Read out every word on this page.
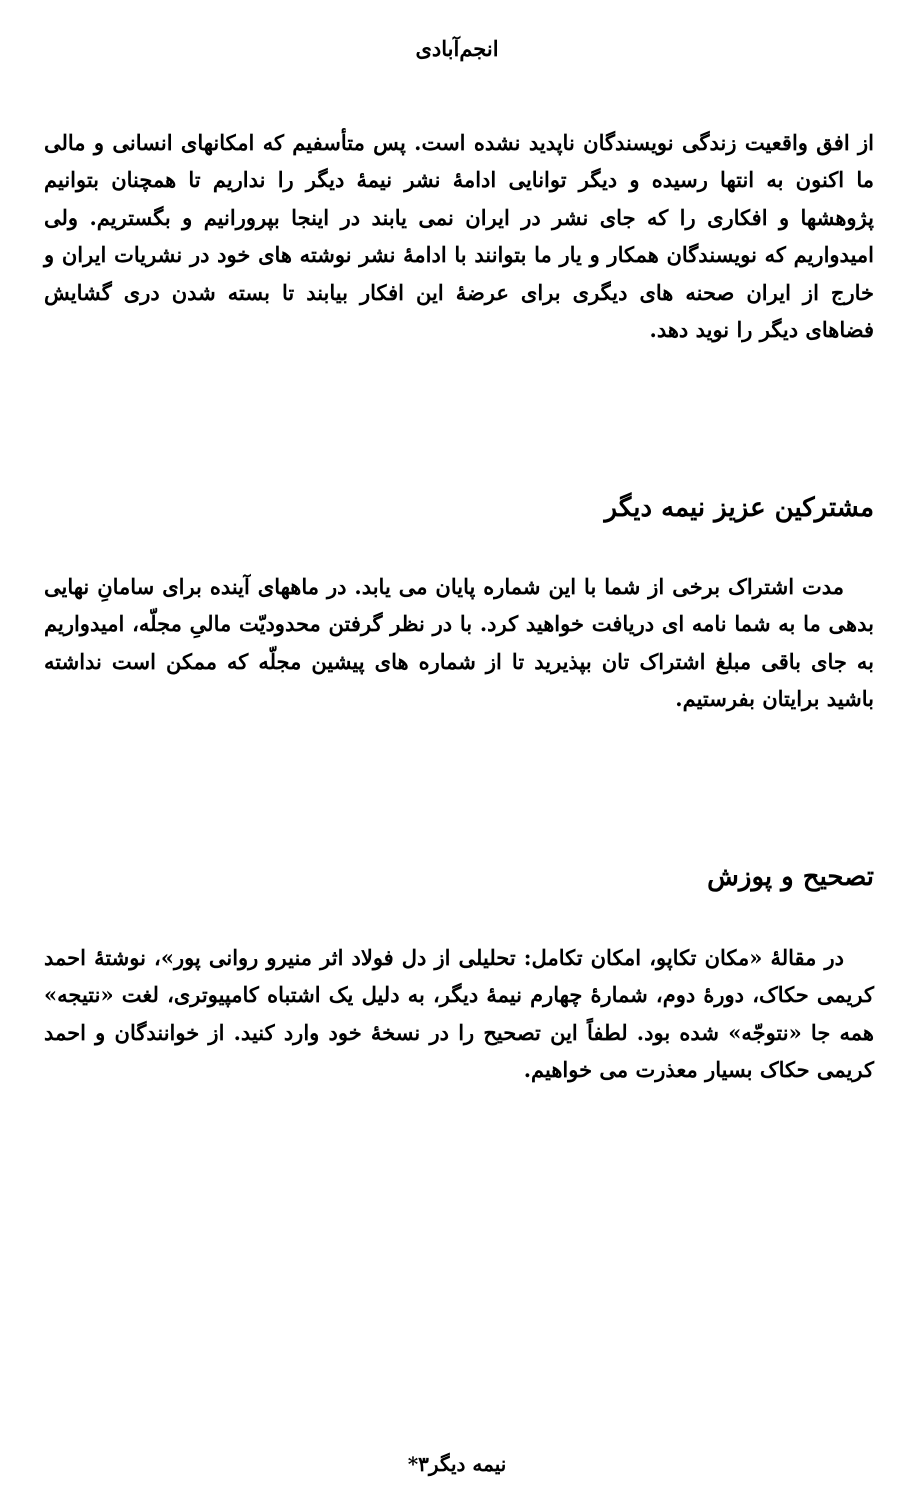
انجم‌آبادی

از افق واقعیت زندگی نویسندگان ناپدید نشده است. پس متأسفیم که امکانهای انسانی و مالی ما اکنون به انتها رسیده و دیگر توانایی ادامهٔ نشر نیمهٔ دیگر را نداریم تا همچنان بتوانیم پژوهشها و افکاری را که جای نشر در ایران نمی یابند در اینجا بپرورانیم و بگستریم. ولی امیدواریم که نویسندگان همکار و یار ما بتوانند با ادامهٔ نشر نوشته های خود در نشریات ایران و خارج از ایران صحنه های دیگری برای عرضهٔ این افکار بیابند تا بسته شدن دری گشایش فضاهای دیگر را نوید دهد.

مشترکین عزیز نیمه دیگر

مدت اشتراک برخی از شما با این شماره پایان می یابد. در ماههای آینده برای سامانِ نهایی بدهی ما به شما نامه ای دریافت خواهید کرد. با در نظر گرفتن محدودیّت مالیِ مجلّه، امیدواریم به جای باقی مبلغ اشتراک تان بپذیرید تا از شماره های پیشین مجلّه که ممکن است نداشته باشید برایتان بفرستیم.

تصحیح و پوزش

در مقالهٔ «مکان تکاپو، امکان تکامل: تحلیلی از دل فولاد اثر منیرو روانی پور»، نوشتهٔ احمد کریمی حکاک، دورهٔ دوم، شمارهٔ چهارم نیمهٔ دیگر، به دلیل یک اشتباه کامپیوتری، لغت «نتیجه» همه جا «نتوجّه» شده بود. لطفاً این تصحیح را در نسخهٔ خود وارد کنید. از خوانندگان و احمد کریمی حکاک بسیار معذرت می خواهیم.

نیمه دیگر۳*
